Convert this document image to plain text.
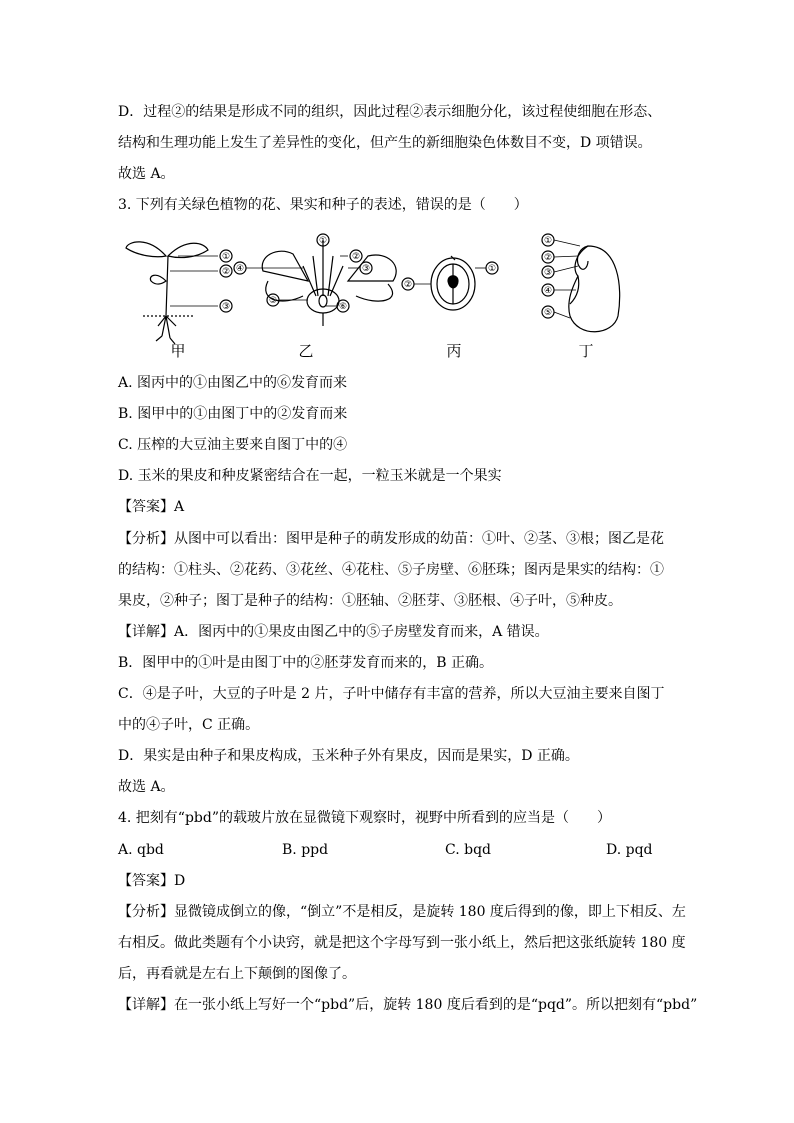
D．过程②的结果是形成不同的组织，因此过程②表示细胞分化，该过程使细胞在形态、
结构和生理功能上发生了差异性的变化，但产生的新细胞染色体数目不变，D 项错误。
故选 A。
3. 下列有关绿色植物的花、果实和种子的表述，错误的是（　　）
①
②
③
①
②
③
④
⑤
⑥
①
②
①
②
③
④
⑤
甲	乙	丙	丁
A. 图丙中的①由图乙中的⑥发育而来
B. 图甲中的①由图丁中的②发育而来
C. 压榨的大豆油主要来自图丁中的④
D. 玉米的果皮和种皮紧密结合在一起，一粒玉米就是一个果实
【答案】A
【分析】从图中可以看出：图甲是种子的萌发形成的幼苗：①叶、②茎、③根；图乙是花
的结构：①柱头、②花药、③花丝、④花柱、⑤子房壁、⑥胚珠；图丙是果实的结构：①
果皮，②种子；图丁是种子的结构：①胚轴、②胚芽、③胚根、④子叶，⑤种皮。
【详解】A．图丙中的①果皮由图乙中的⑤子房壁发育而来，A 错误。
B．图甲中的①叶是由图丁中的②胚芽发育而来的，B 正确。
C．④是子叶，大豆的子叶是 2 片，子叶中储存有丰富的营养，所以大豆油主要来自图丁
中的④子叶，C 正确。
D．果实是由种子和果皮构成，玉米种子外有果皮，因而是果实，D 正确。
故选 A。
4. 把刻有“pbd”的载玻片放在显微镜下观察时，视野中所看到的应当是（　　）
A. qbd	B. ppd	C. bqd	D. pqd
【答案】D
【分析】显微镜成倒立的像，“倒立”不是相反，是旋转 180 度后得到的像，即上下相反、左
右相反。做此类题有个小诀窍，就是把这个字母写到一张小纸上，然后把这张纸旋转 180 度
后，再看就是左右上下颠倒的图像了。
【详解】在一张小纸上写好一个“pbd”后，旋转 180 度后看到的是“pqd”。所以把刻有“pbd”
